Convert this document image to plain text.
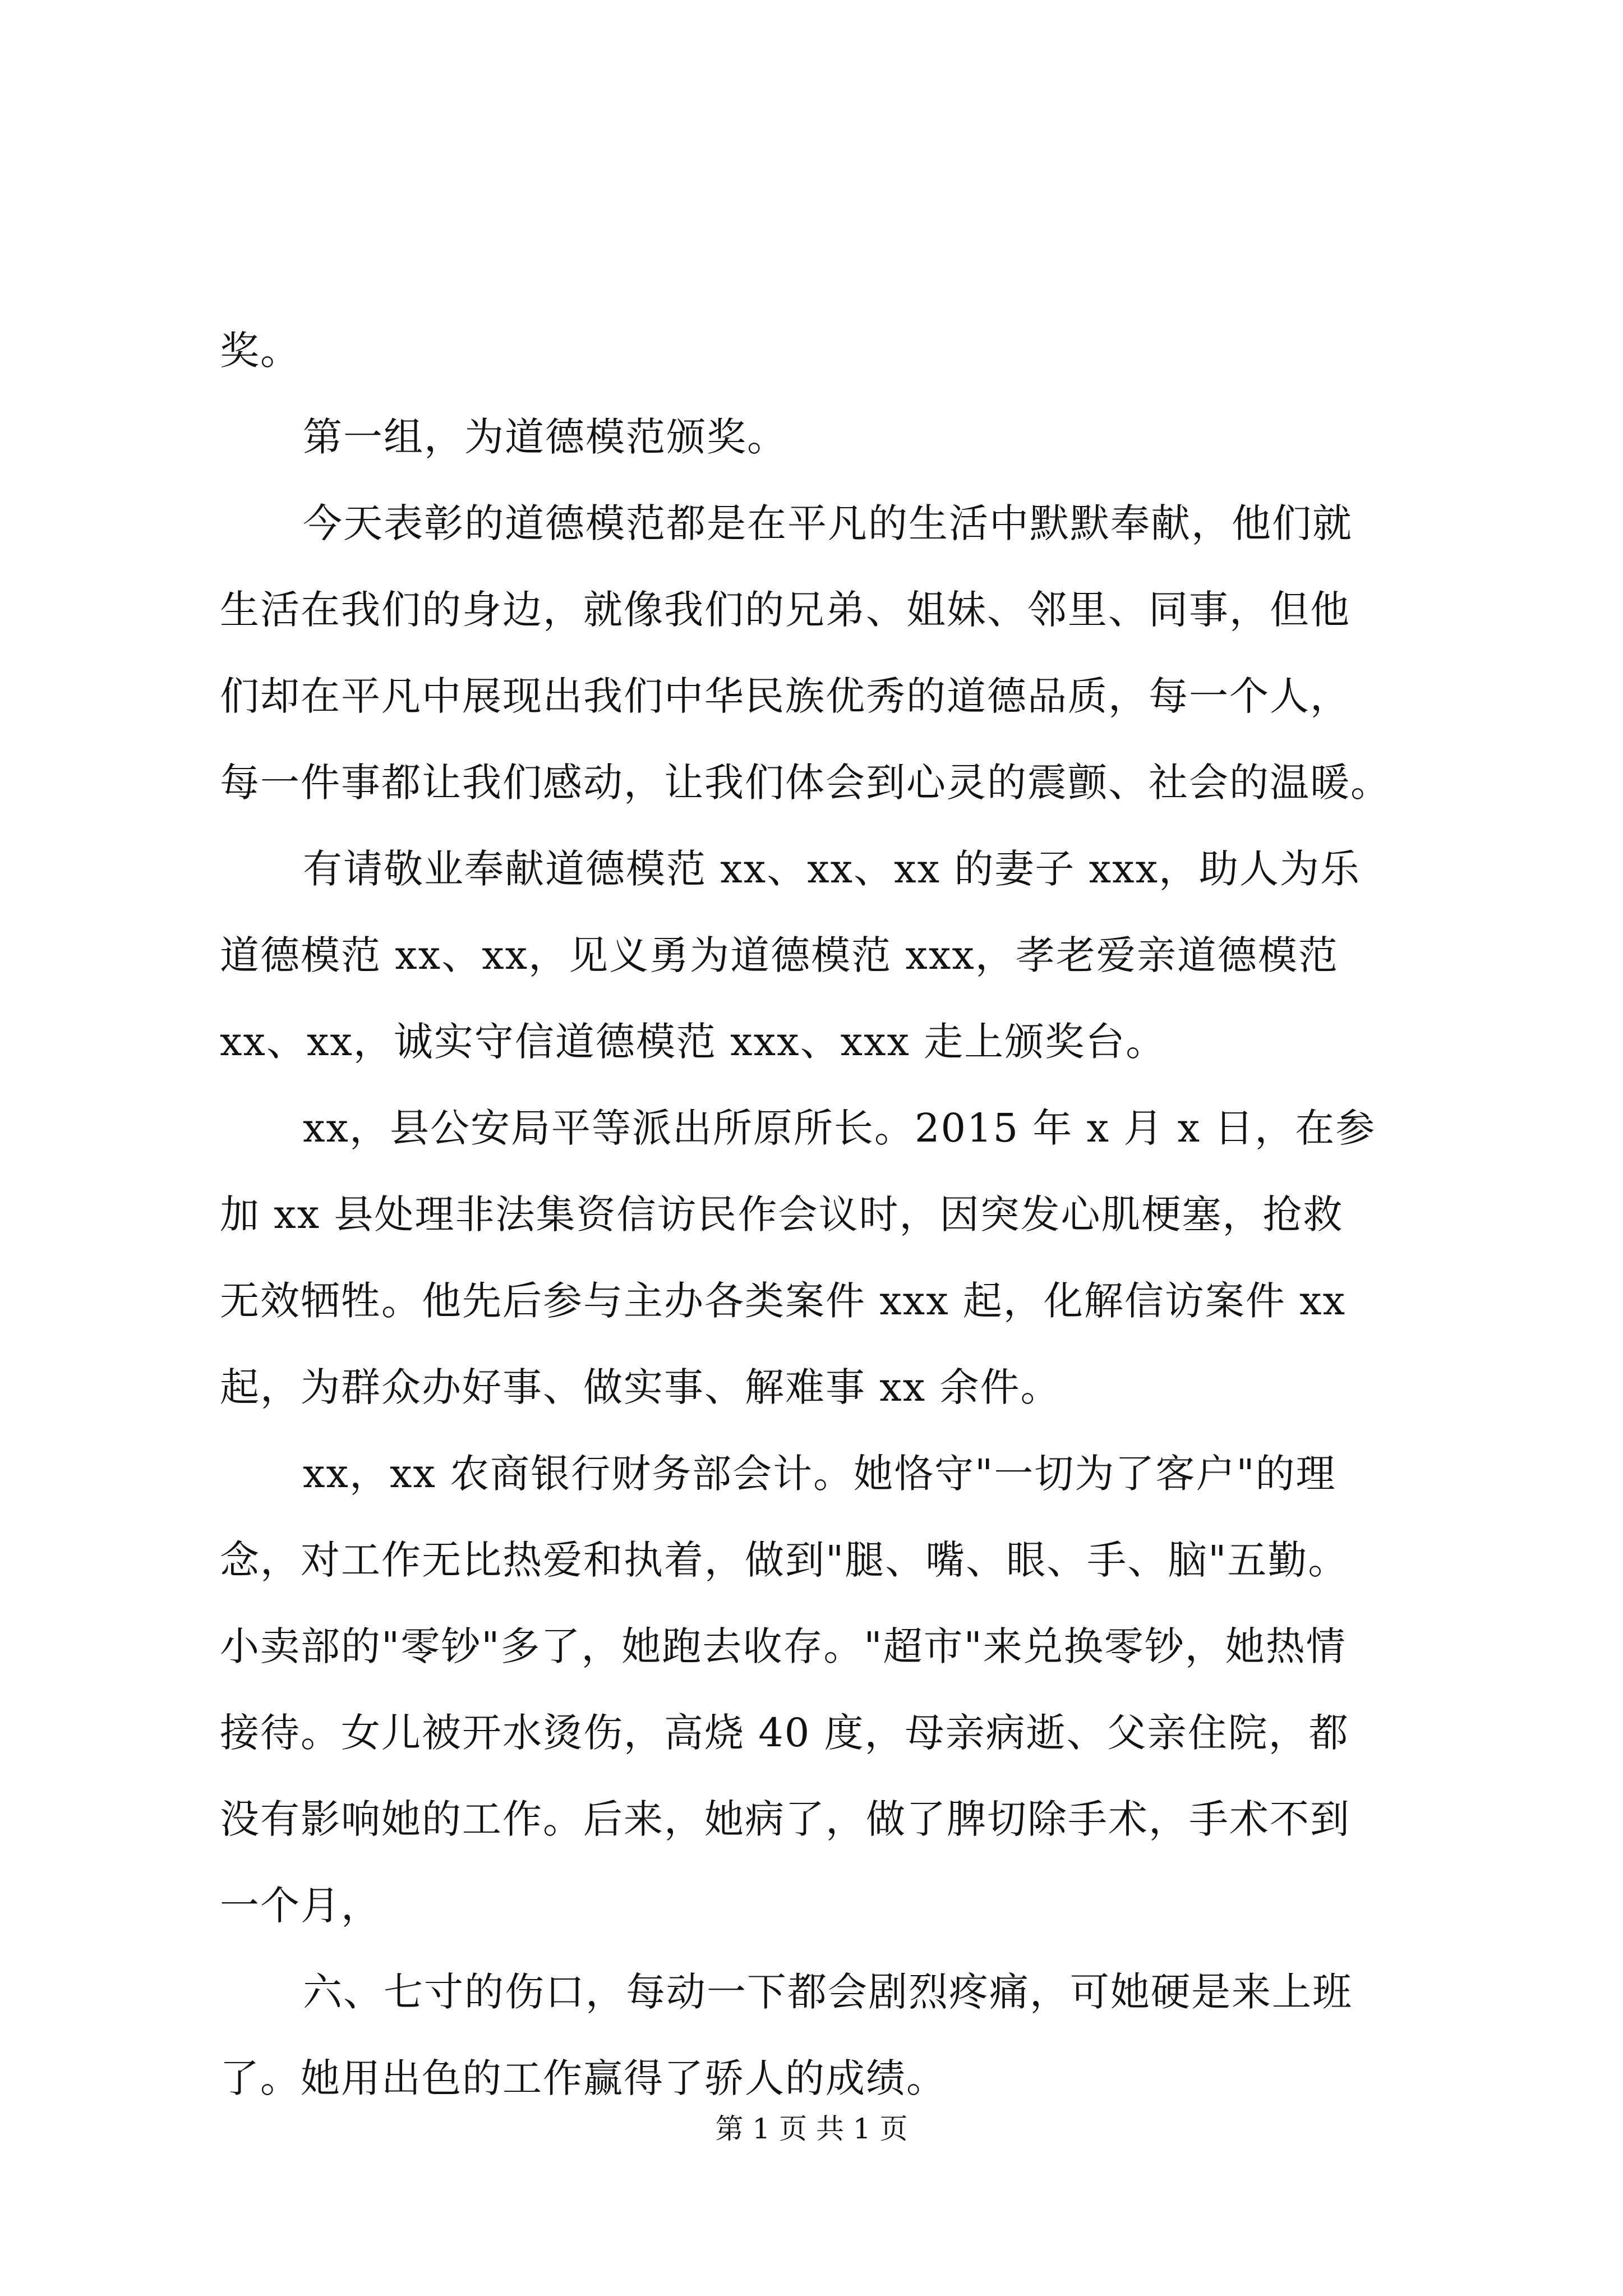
奖。
第一组，为道德模范颁奖。
今天表彰的道德模范都是在平凡的生活中默默奉献，他们就
生活在我们的身边，就像我们的兄弟、姐妹、邻里、同事，但他
们却在平凡中展现出我们中华民族优秀的道德品质，每一个人，
每一件事都让我们感动，让我们体会到心灵的震颤、社会的温暖。
有请敬业奉献道德模范 xx、xx、xx 的妻子 xxx，助人为乐
道德模范 xx、xx，见义勇为道德模范 xxx，孝老爱亲道德模范
xx、xx，诚实守信道德模范 xxx、xxx 走上颁奖台。
xx，县公安局平等派出所原所长。2015 年 x 月 x 日，在参
加 xx 县处理非法集资信访民作会议时，因突发心肌梗塞，抢救
无效牺牲。他先后参与主办各类案件 xxx 起，化解信访案件 xx
起，为群众办好事、做实事、解难事 xx 余件。
xx，xx 农商银行财务部会计。她恪守"一切为了客户"的理
念，对工作无比热爱和执着，做到"腿、嘴、眼、手、脑"五勤。
小卖部的"零钞"多了，她跑去收存。"超市"来兑换零钞，她热情
接待。女儿被开水烫伤，高烧 40 度，母亲病逝、父亲住院，都
没有影响她的工作。后来，她病了，做了脾切除手术，手术不到
一个月，
六、七寸的伤口，每动一下都会剧烈疼痛，可她硬是来上班
了。她用出色的工作赢得了骄人的成绩。
第 1 页 共 1 页
